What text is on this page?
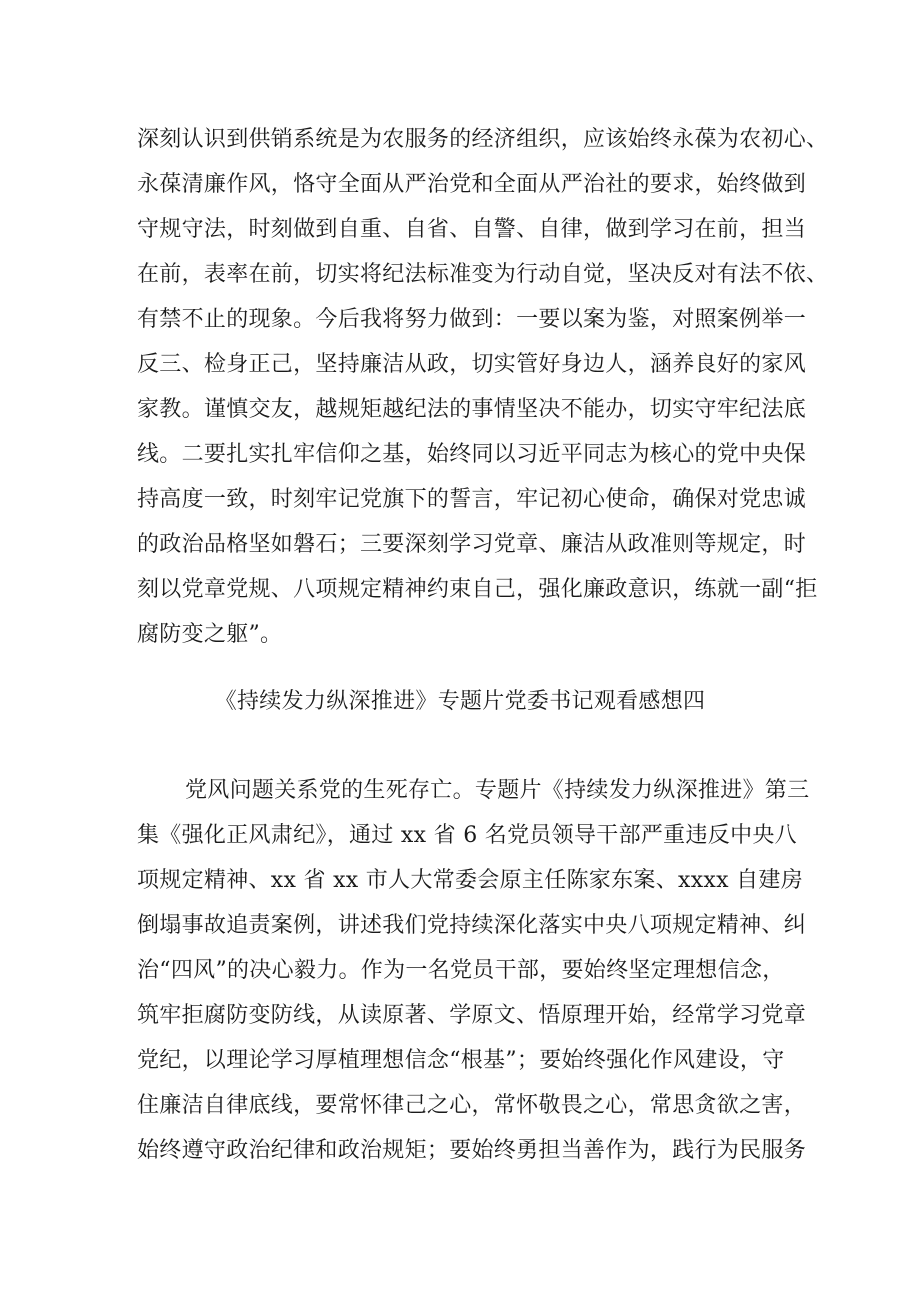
深刻认识到供销系统是为农服务的经济组织，应该始终永葆为农初心、
永葆清廉作风，恪守全面从严治党和全面从严治社的要求，始终做到
守规守法，时刻做到自重、自省、自警、自律，做到学习在前，担当
在前，表率在前，切实将纪法标准变为行动自觉，坚决反对有法不依、
有禁不止的现象。今后我将努力做到：一要以案为鉴，对照案例举一
反三、检身正己，坚持廉洁从政，切实管好身边人，涵养良好的家风
家教。谨慎交友，越规矩越纪法的事情坚决不能办，切实守牢纪法底
线。二要扎实扎牢信仰之基，始终同以习近平同志为核心的党中央保
持高度一致，时刻牢记党旗下的誓言，牢记初心使命，确保对党忠诚
的政治品格坚如磐石；三要深刻学习党章、廉洁从政准则等规定，时
刻以党章党规、八项规定精神约束自己，强化廉政意识，练就一副“拒
腐防变之躯”。
《持续发力纵深推进》专题片党委书记观看感想四
党风问题关系党的生死存亡。专题片《持续发力纵深推进》第三
集《强化正风肃纪》，通过 xx 省 6 名党员领导干部严重违反中央八
项规定精神、xx 省 xx 市人大常委会原主任陈家东案、xxxx 自建房
倒塌事故追责案例，讲述我们党持续深化落实中央八项规定精神、纠
治“四风”的决心毅力。作为一名党员干部，要始终坚定理想信念，
筑牢拒腐防变防线，从读原著、学原文、悟原理开始，经常学习党章
党纪，以理论学习厚植理想信念“根基”；要始终强化作风建设，守
住廉洁自律底线，要常怀律己之心，常怀敬畏之心，常思贪欲之害，
始终遵守政治纪律和政治规矩；要始终勇担当善作为，践行为民服务
